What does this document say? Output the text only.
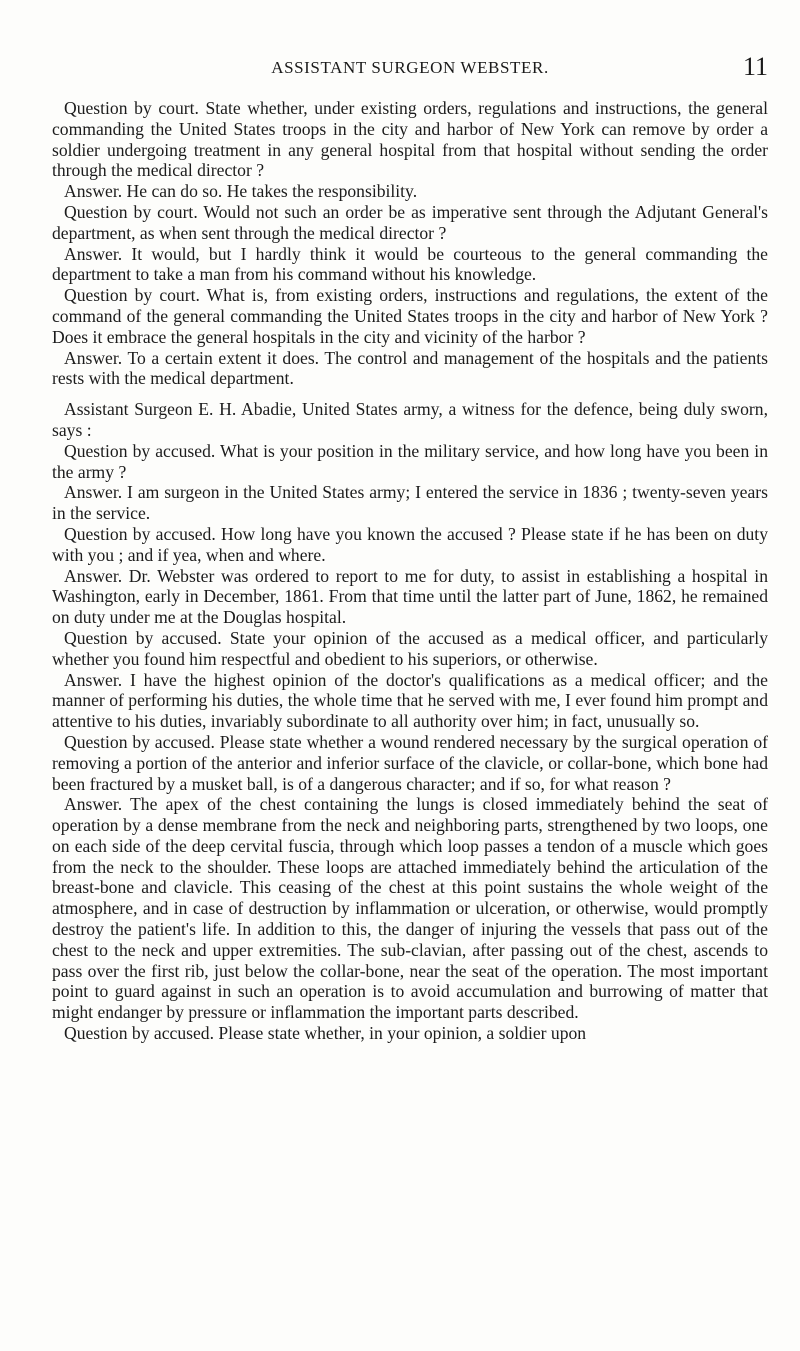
ASSISTANT SURGEON WEBSTER.	11

Question by court. State whether, under existing orders, regulations and instructions, the general commanding the United States troops in the city and harbor of New York can remove by order a soldier undergoing treatment in any general hospital from that hospital without sending the order through the medical director ?

Answer. He can do so. He takes the responsibility.

Question by court. Would not such an order be as imperative sent through the Adjutant General's department, as when sent through the medical director ?

Answer. It would, but I hardly think it would be courteous to the general commanding the department to take a man from his command without his knowledge.

Question by court. What is, from existing orders, instructions and regulations, the extent of the command of the general commanding the United States troops in the city and harbor of New York ? Does it embrace the general hospitals in the city and vicinity of the harbor ?

Answer. To a certain extent it does. The control and management of the hospitals and the patients rests with the medical department.

Assistant Surgeon E. H. Abadie, United States army, a witness for the defence, being duly sworn, says :

Question by accused. What is your position in the military service, and how long have you been in the army ?

Answer. I am surgeon in the United States army; I entered the service in 1836 ; twenty-seven years in the service.

Question by accused. How long have you known the accused ? Please state if he has been on duty with you ; and if yea, when and where.

Answer. Dr. Webster was ordered to report to me for duty, to assist in establishing a hospital in Washington, early in December, 1861. From that time until the latter part of June, 1862, he remained on duty under me at the Douglas hospital.

Question by accused. State your opinion of the accused as a medical officer, and particularly whether you found him respectful and obedient to his superiors, or otherwise.

Answer. I have the highest opinion of the doctor's qualifications as a medical officer; and the manner of performing his duties, the whole time that he served with me, I ever found him prompt and attentive to his duties, invariably subordinate to all authority over him; in fact, unusually so.

Question by accused. Please state whether a wound rendered necessary by the surgical operation of removing a portion of the anterior and inferior surface of the clavicle, or collar-bone, which bone had been fractured by a musket ball, is of a dangerous character; and if so, for what reason ?

Answer. The apex of the chest containing the lungs is closed immediately behind the seat of operation by a dense membrane from the neck and neighboring parts, strengthened by two loops, one on each side of the deep cervital fuscia, through which loop passes a tendon of a muscle which goes from the neck to the shoulder. These loops are attached immediately behind the articulation of the breast-bone and clavicle. This ceasing of the chest at this point sustains the whole weight of the atmosphere, and in case of destruction by inflammation or ulceration, or otherwise, would promptly destroy the patient's life. In addition to this, the danger of injuring the vessels that pass out of the chest to the neck and upper extremities. The sub-clavian, after passing out of the chest, ascends to pass over the first rib, just below the collar-bone, near the seat of the operation. The most important point to guard against in such an operation is to avoid accumulation and burrowing of matter that might endanger by pressure or inflammation the important parts described.

Question by accused. Please state whether, in your opinion, a soldier upon
